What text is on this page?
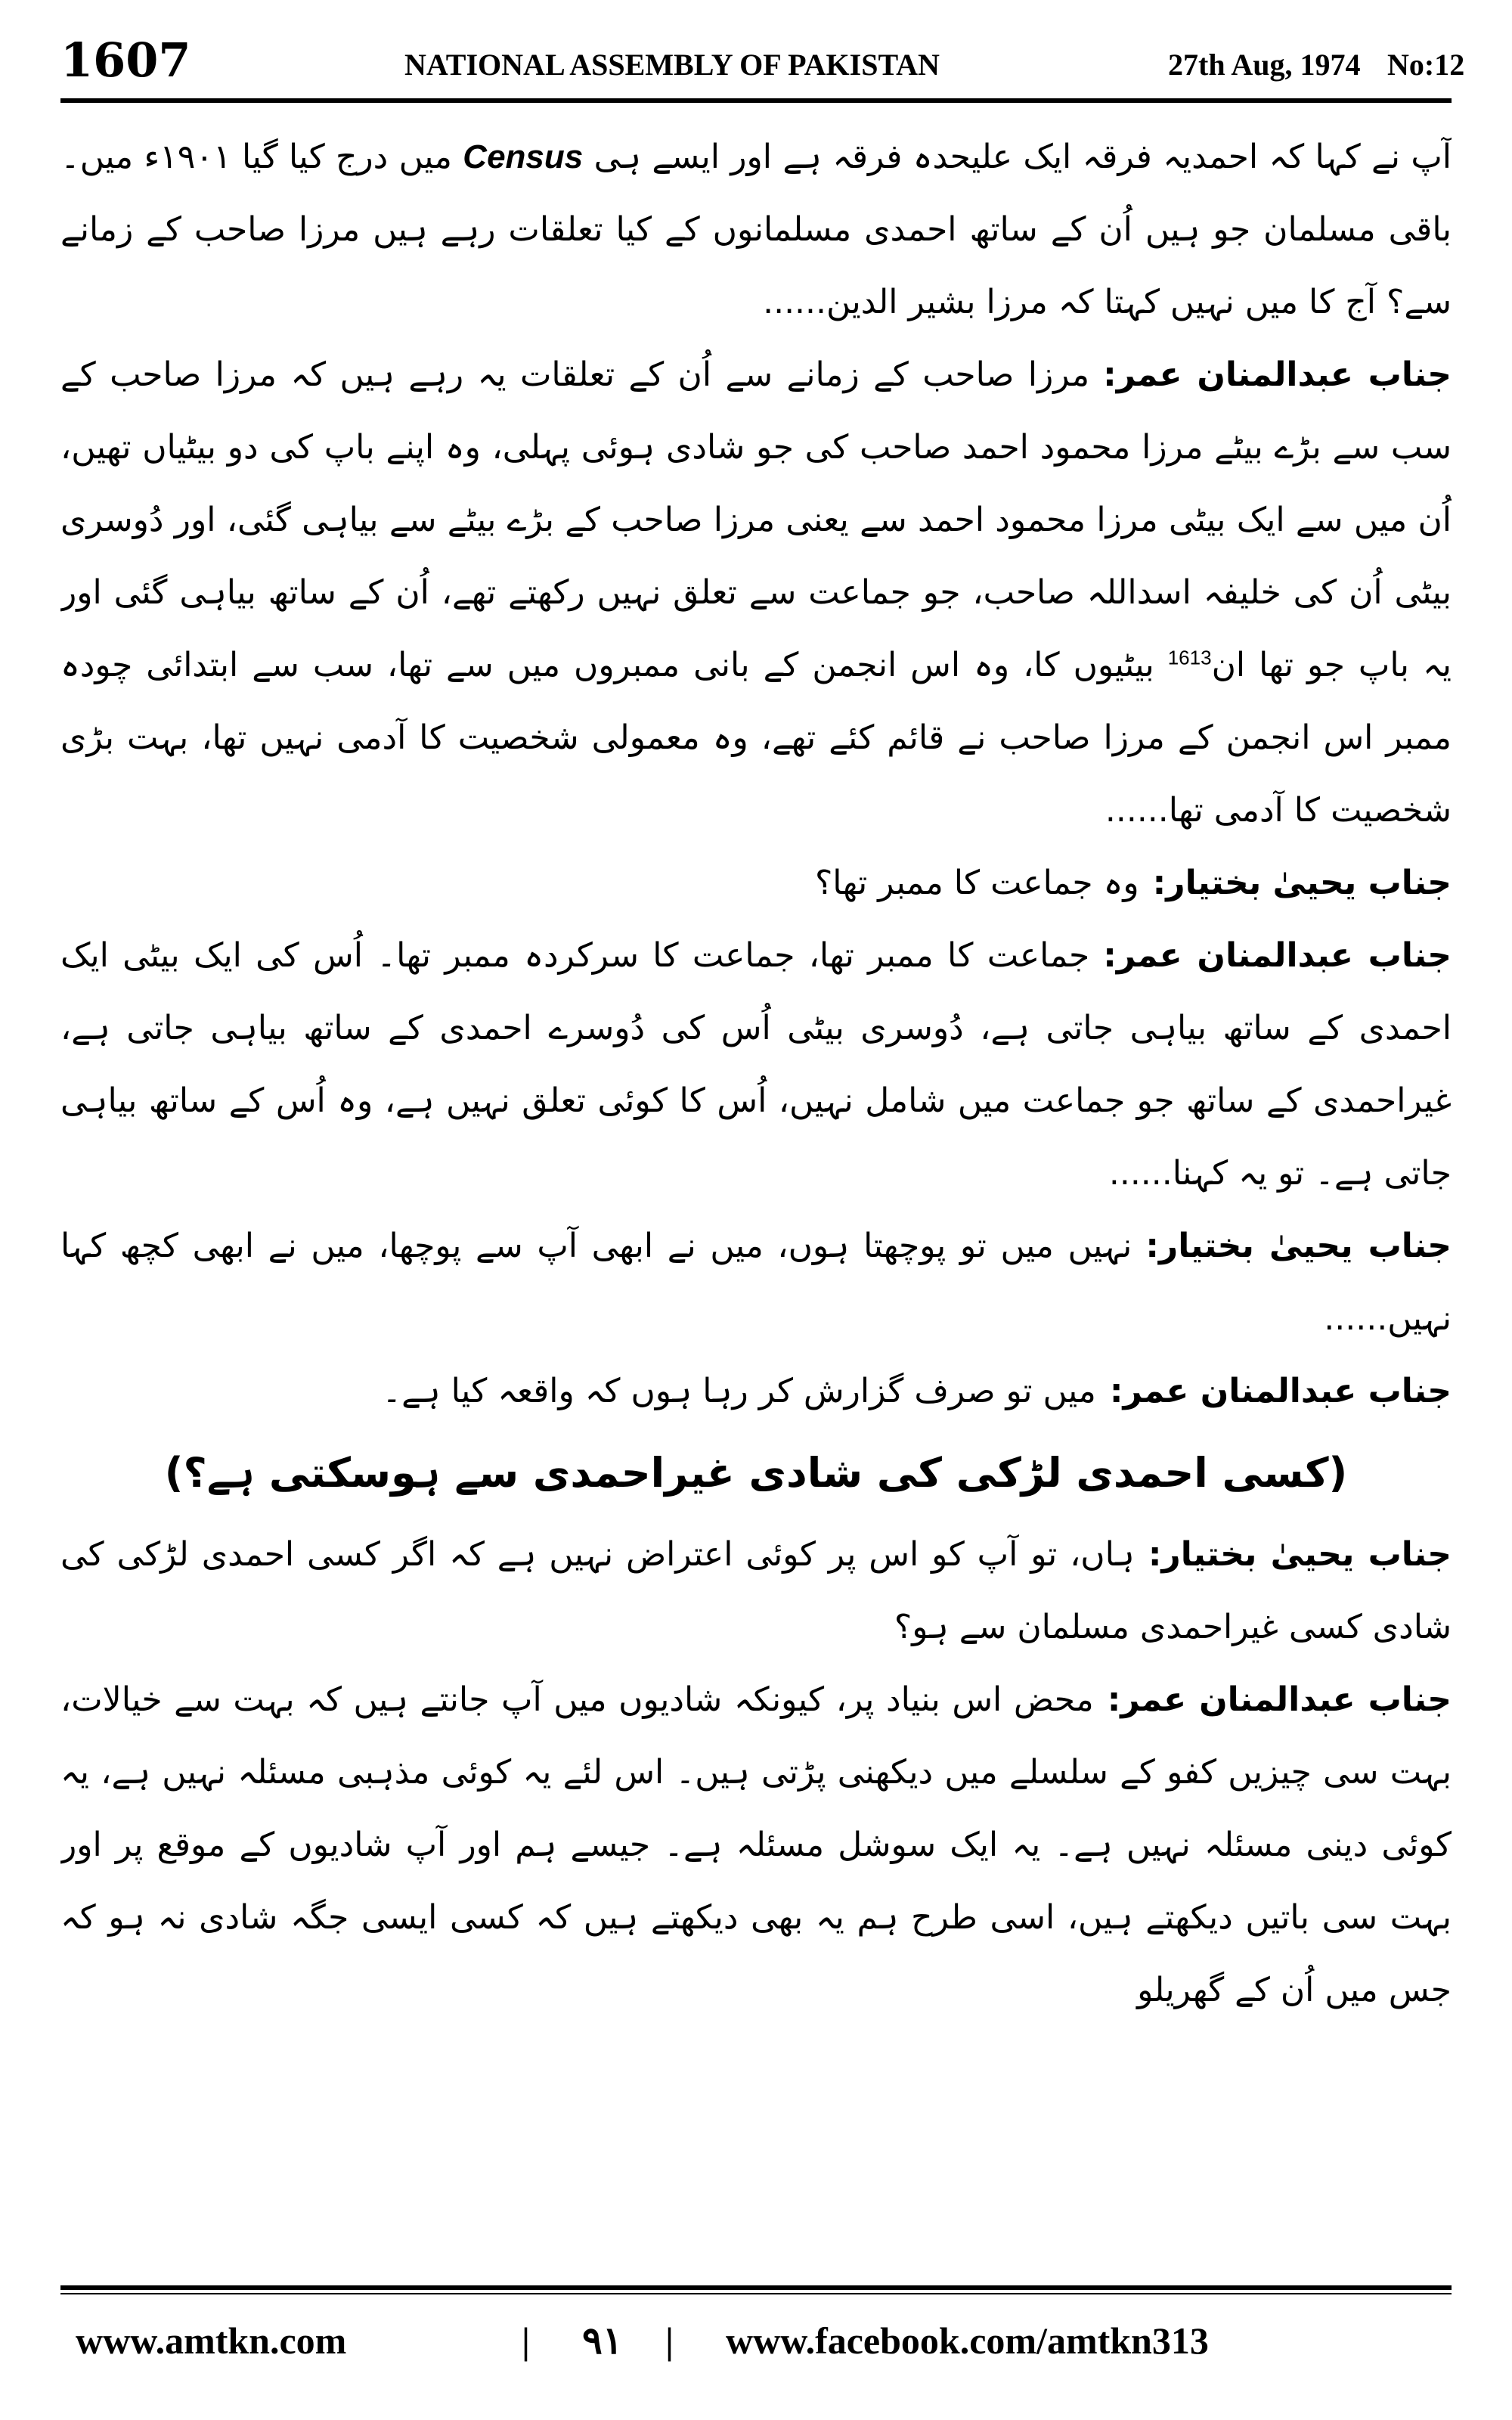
1607	NATIONAL ASSEMBLY OF PAKISTAN	27th Aug, 1974 No:12

آپ نے کہا کہ احمدیہ فرقہ ایک علیحدہ فرقہ ہے اور ایسے ہی Census میں درج کیا گیا ۱۹۰۱ء میں۔ باقی مسلمان جو ہیں اُن کے ساتھ احمدی مسلمانوں کے کیا تعلقات رہے ہیں مرزا صاحب کے زمانے سے؟ آج کا میں نہیں کہتا کہ مرزا بشیر الدین......

جناب عبدالمنان عمر:مرزا صاحب کے زمانے سے اُن کے تعلقات یہ رہے ہیں کہ مرزا صاحب کے سب سے بڑے بیٹے مرزا محمود احمد صاحب کی جو شادی ہوئی پہلی، وہ اپنے باپ کی دو بیٹیاں تھیں، اُن میں سے ایک بیٹی مرزا محمود احمد سے یعنی مرزا صاحب کے بڑے بیٹے سے بیاہی گئی، اور دُوسری بیٹی اُن کی خلیفہ اسداللہ صاحب، جو جماعت سے تعلق نہیں رکھتے تھے، اُن کے ساتھ بیاہی گئی اور یہ باپ جو تھا ان$^{1613}$ بیٹیوں کا، وہ اس انجمن کے بانی ممبروں میں سے تھا، سب سے ابتدائی چودہ ممبر اس انجمن کے مرزا صاحب نے قائم کئے تھے، وہ معمولی شخصیت کا آدمی نہیں تھا، بہت بڑی شخصیت کا آدمی تھا......

جناب یحییٰ بختیار:وہ جماعت کا ممبر تھا؟

جناب عبدالمنان عمر:جماعت کا ممبر تھا، جماعت کا سرکردہ ممبر تھا۔ اُس کی ایک بیٹی ایک احمدی کے ساتھ بیاہی جاتی ہے، دُوسری بیٹی اُس کی دُوسرے احمدی کے ساتھ بیاہی جاتی ہے، غیراحمدی کے ساتھ جو جماعت میں شامل نہیں، اُس کا کوئی تعلق نہیں ہے، وہ اُس کے ساتھ بیاہی جاتی ہے۔ تو یہ کہنا......

جناب یحییٰ بختیار:نہیں میں تو پوچھتا ہوں، میں نے ابھی آپ سے پوچھا، میں نے ابھی کچھ کہا نہیں......

جناب عبدالمنان عمر:میں تو صرف گزارش کر رہا ہوں کہ واقعہ کیا ہے۔

(کسی احمدی لڑکی کی شادی غیراحمدی سے ہوسکتی ہے؟)

جناب یحییٰ بختیار:ہاں، تو آپ کو اس پر کوئی اعتراض نہیں ہے کہ اگر کسی احمدی لڑکی کی شادی کسی غیراحمدی مسلمان سے ہو؟

جناب عبدالمنان عمر:محض اس بنیاد پر، کیونکہ شادیوں میں آپ جانتے ہیں کہ بہت سے خیالات، بہت سی چیزیں کفو کے سلسلے میں دیکھنی پڑتی ہیں۔ اس لئے یہ کوئی مذہبی مسئلہ نہیں ہے، یہ کوئی دینی مسئلہ نہیں ہے۔ یہ ایک سوشل مسئلہ ہے۔ جیسے ہم اور آپ شادیوں کے موقع پر اور بہت سی باتیں دیکھتے ہیں، اسی طرح ہم یہ بھی دیکھتے ہیں کہ کسی ایسی جگہ شادی نہ ہو کہ جس میں اُن کے گھریلو

www.amtkn.com	| ۹۱ | www.facebook.com/amtkn313
